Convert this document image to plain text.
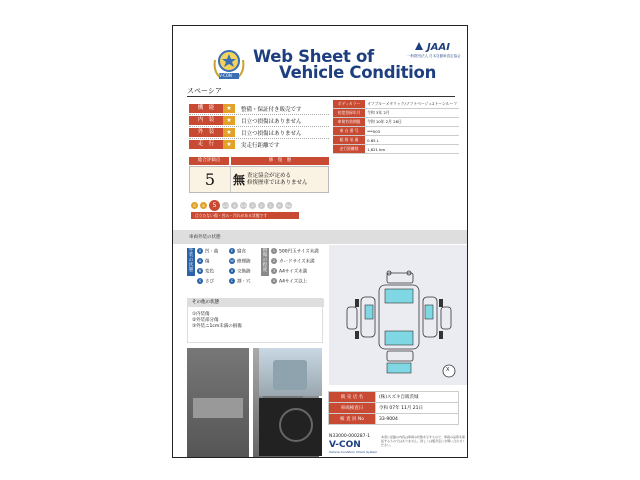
V-CON
Web Sheet of
Vehicle Condition
JAAI
一般財団法人 日本自動車査定協会
スペーシア
機　能	★	整備・保証付き販売です
内　装	★	目立つ損傷はありません
外　装	★	目立つ損傷はありません
走　行	★	実走行距離です
ボディカラー	オフブルーメタリック/ソフトベージュ2トーンルーフ
初度登録年月	令和 3年 2月
車検有効期限	令和 10年 2月 28日
車 台 番 号	***503
総 排 気 量	0.65 L
走行距離数	1,621 km
総合評価点	修　復　歴
5	無 査定協会が定める
修復歴車ではありません
S	6	5	4.5	4	3.5	3	2	1	R	RA
目立たない傷・凹み・汚れがある状態です
車両外装の状態
外装の状態
U 凹・曲
A 傷
B 変色
S さび
E 腐食
W 修理跡
X 交換跡
C 割・穴
損傷の程度
1 500円玉サイズ未満
2 カードサイズ未満
3 A4サイズ未満
4 A4サイズ以上
X
その他の状態
①内装傷
②外装部分傷
③外装ニ1cm未満の損傷
販 売 店 名	(株)スズキ自販茨城
車両検査日	令和 07年 11月 21日
検 査 員 No	33-9004
N33000-000287-1
V-CON
Vehicle Condition Check System
本書に記載の内容は車両の状態を示すもので、車両の品質を保証するものではありません。詳しくは販売店にお問い合わせください。
